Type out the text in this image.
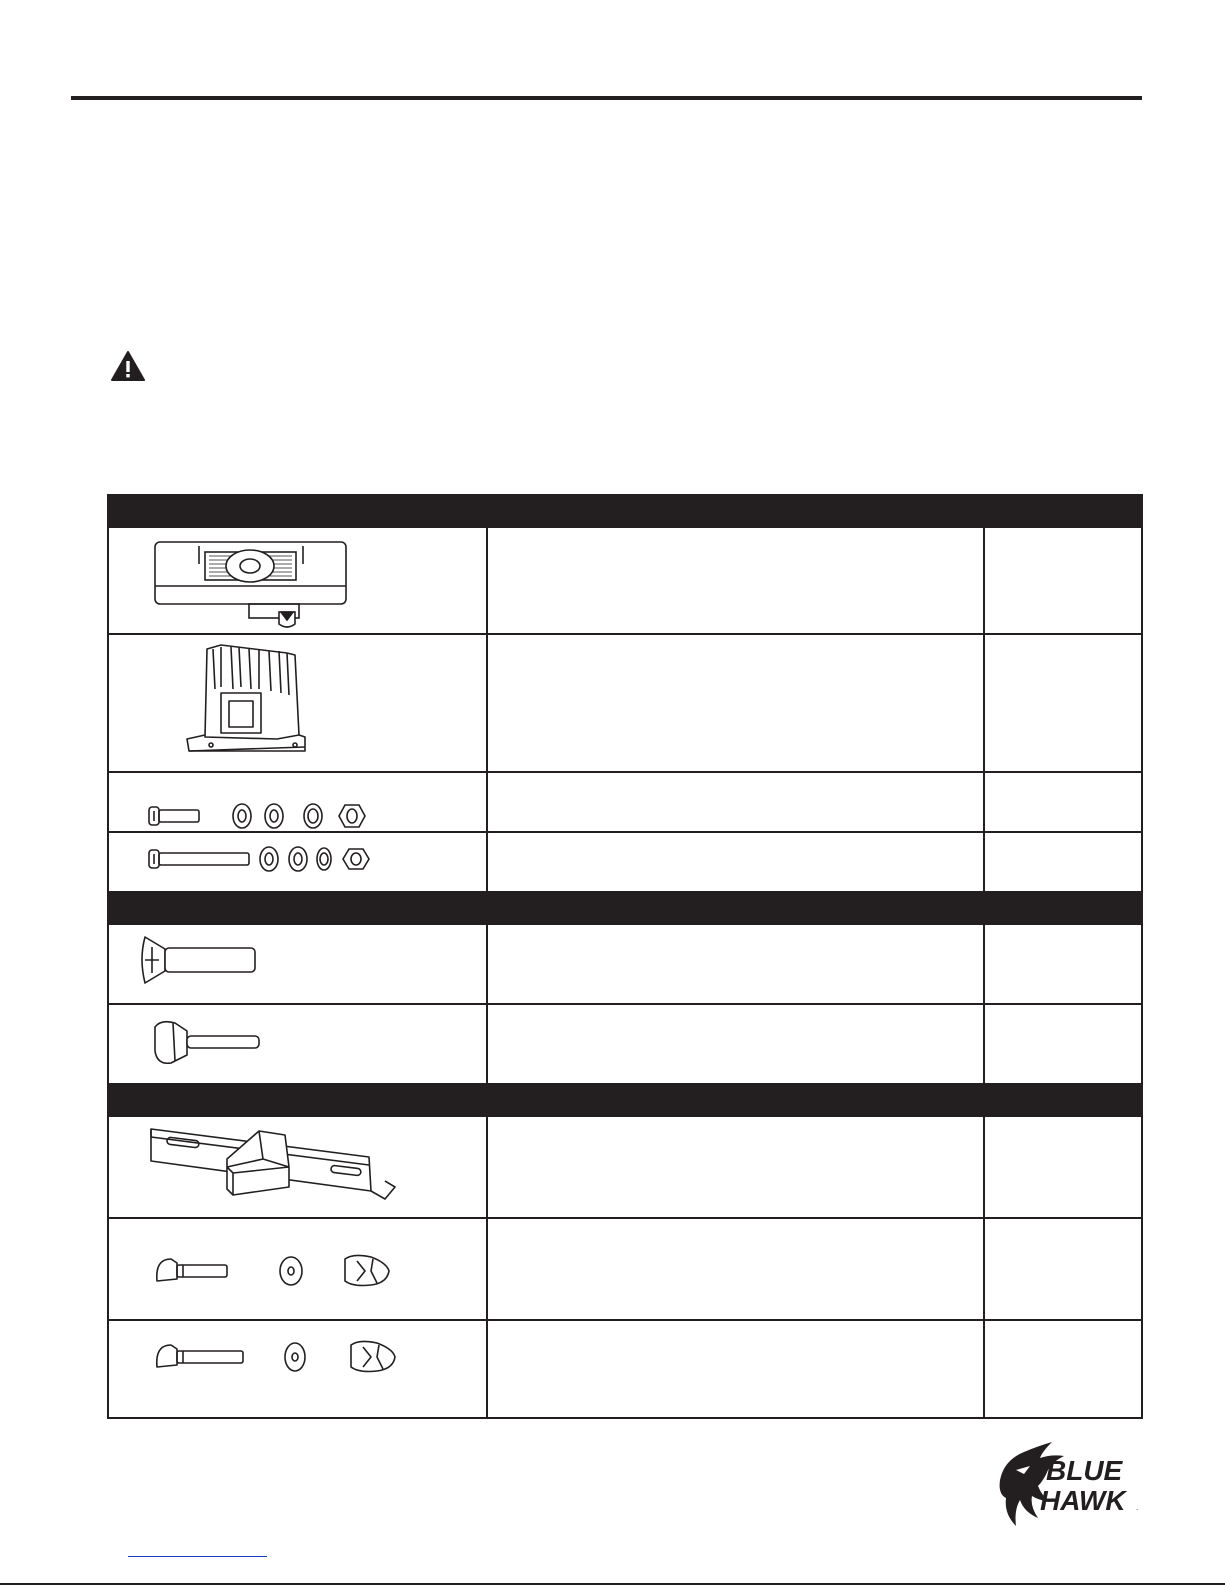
BLUE
HAWK .
